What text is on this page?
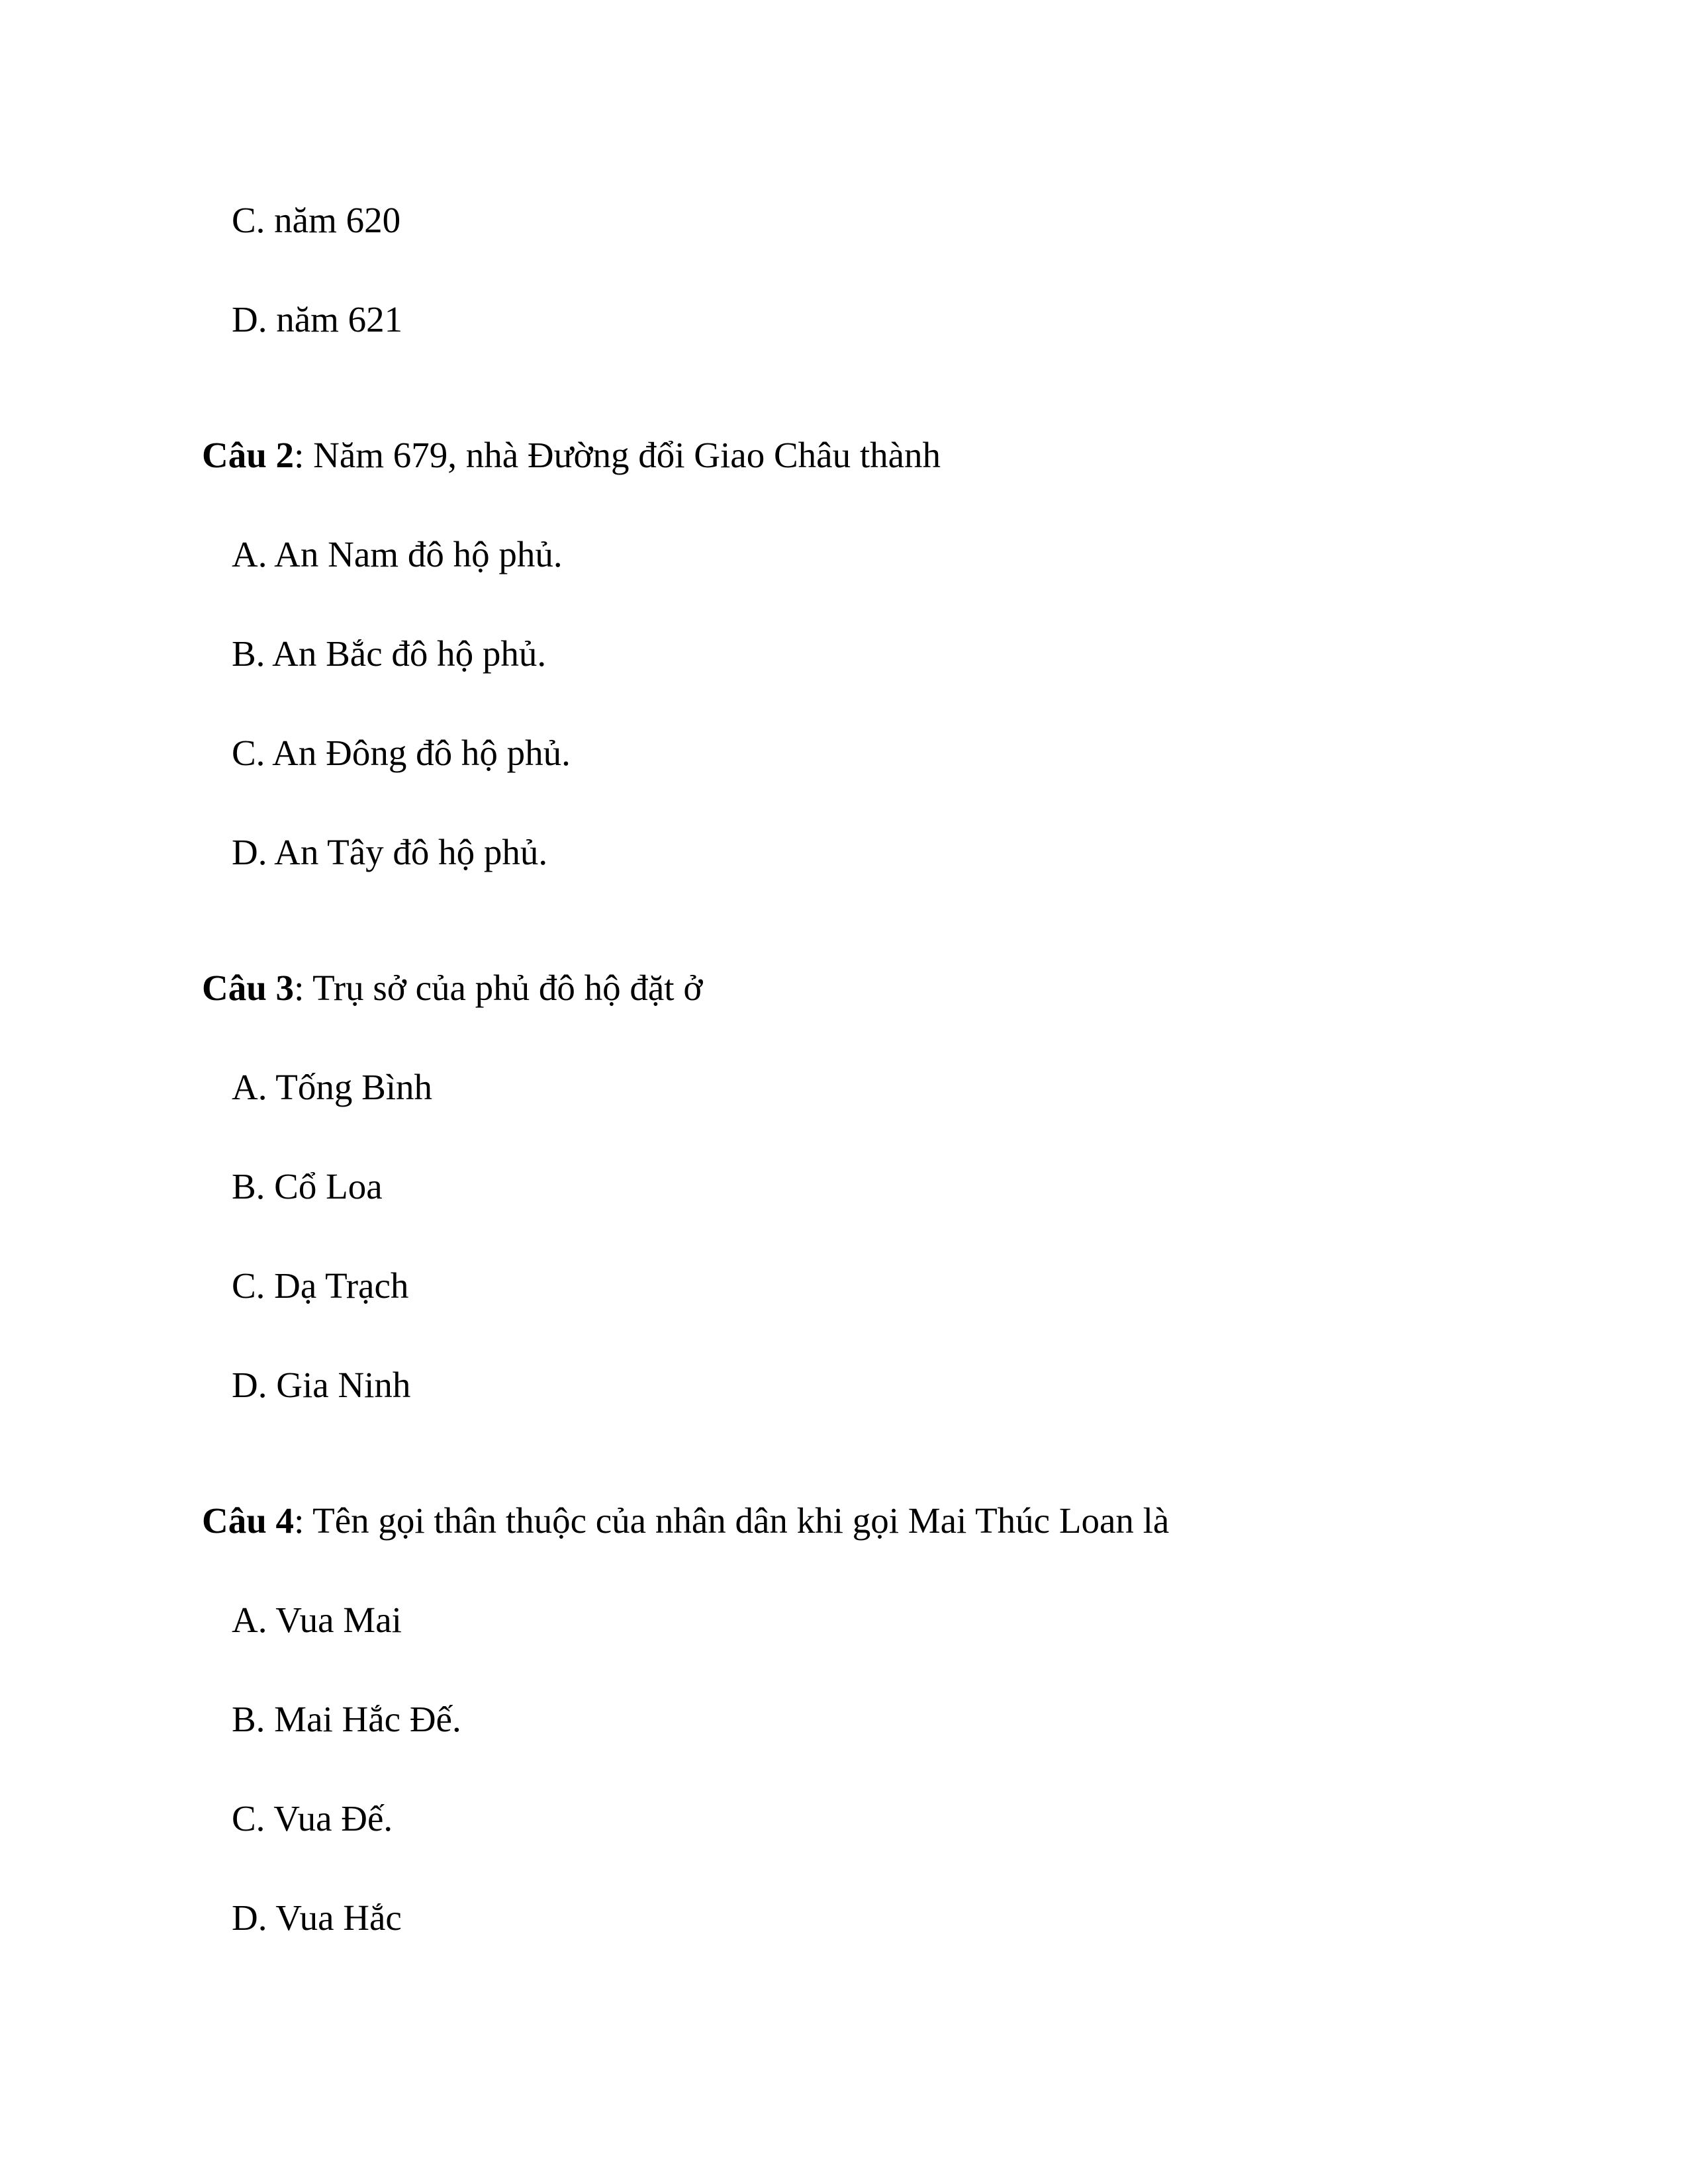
C. năm 620
D. năm 621
Câu 2: Năm 679, nhà Đường đổi Giao Châu thành
A. An Nam đô hộ phủ.
B. An Bắc đô hộ phủ.
C. An Đông đô hộ phủ.
D. An Tây đô hộ phủ.
Câu 3: Trụ sở của phủ đô hộ đặt ở
A. Tống Bình
B. Cổ Loa
C. Dạ Trạch
D. Gia Ninh
Câu 4: Tên gọi thân thuộc của nhân dân khi gọi Mai Thúc Loan là
A. Vua Mai
B. Mai Hắc Đế.
C. Vua Đế.
D. Vua Hắc
